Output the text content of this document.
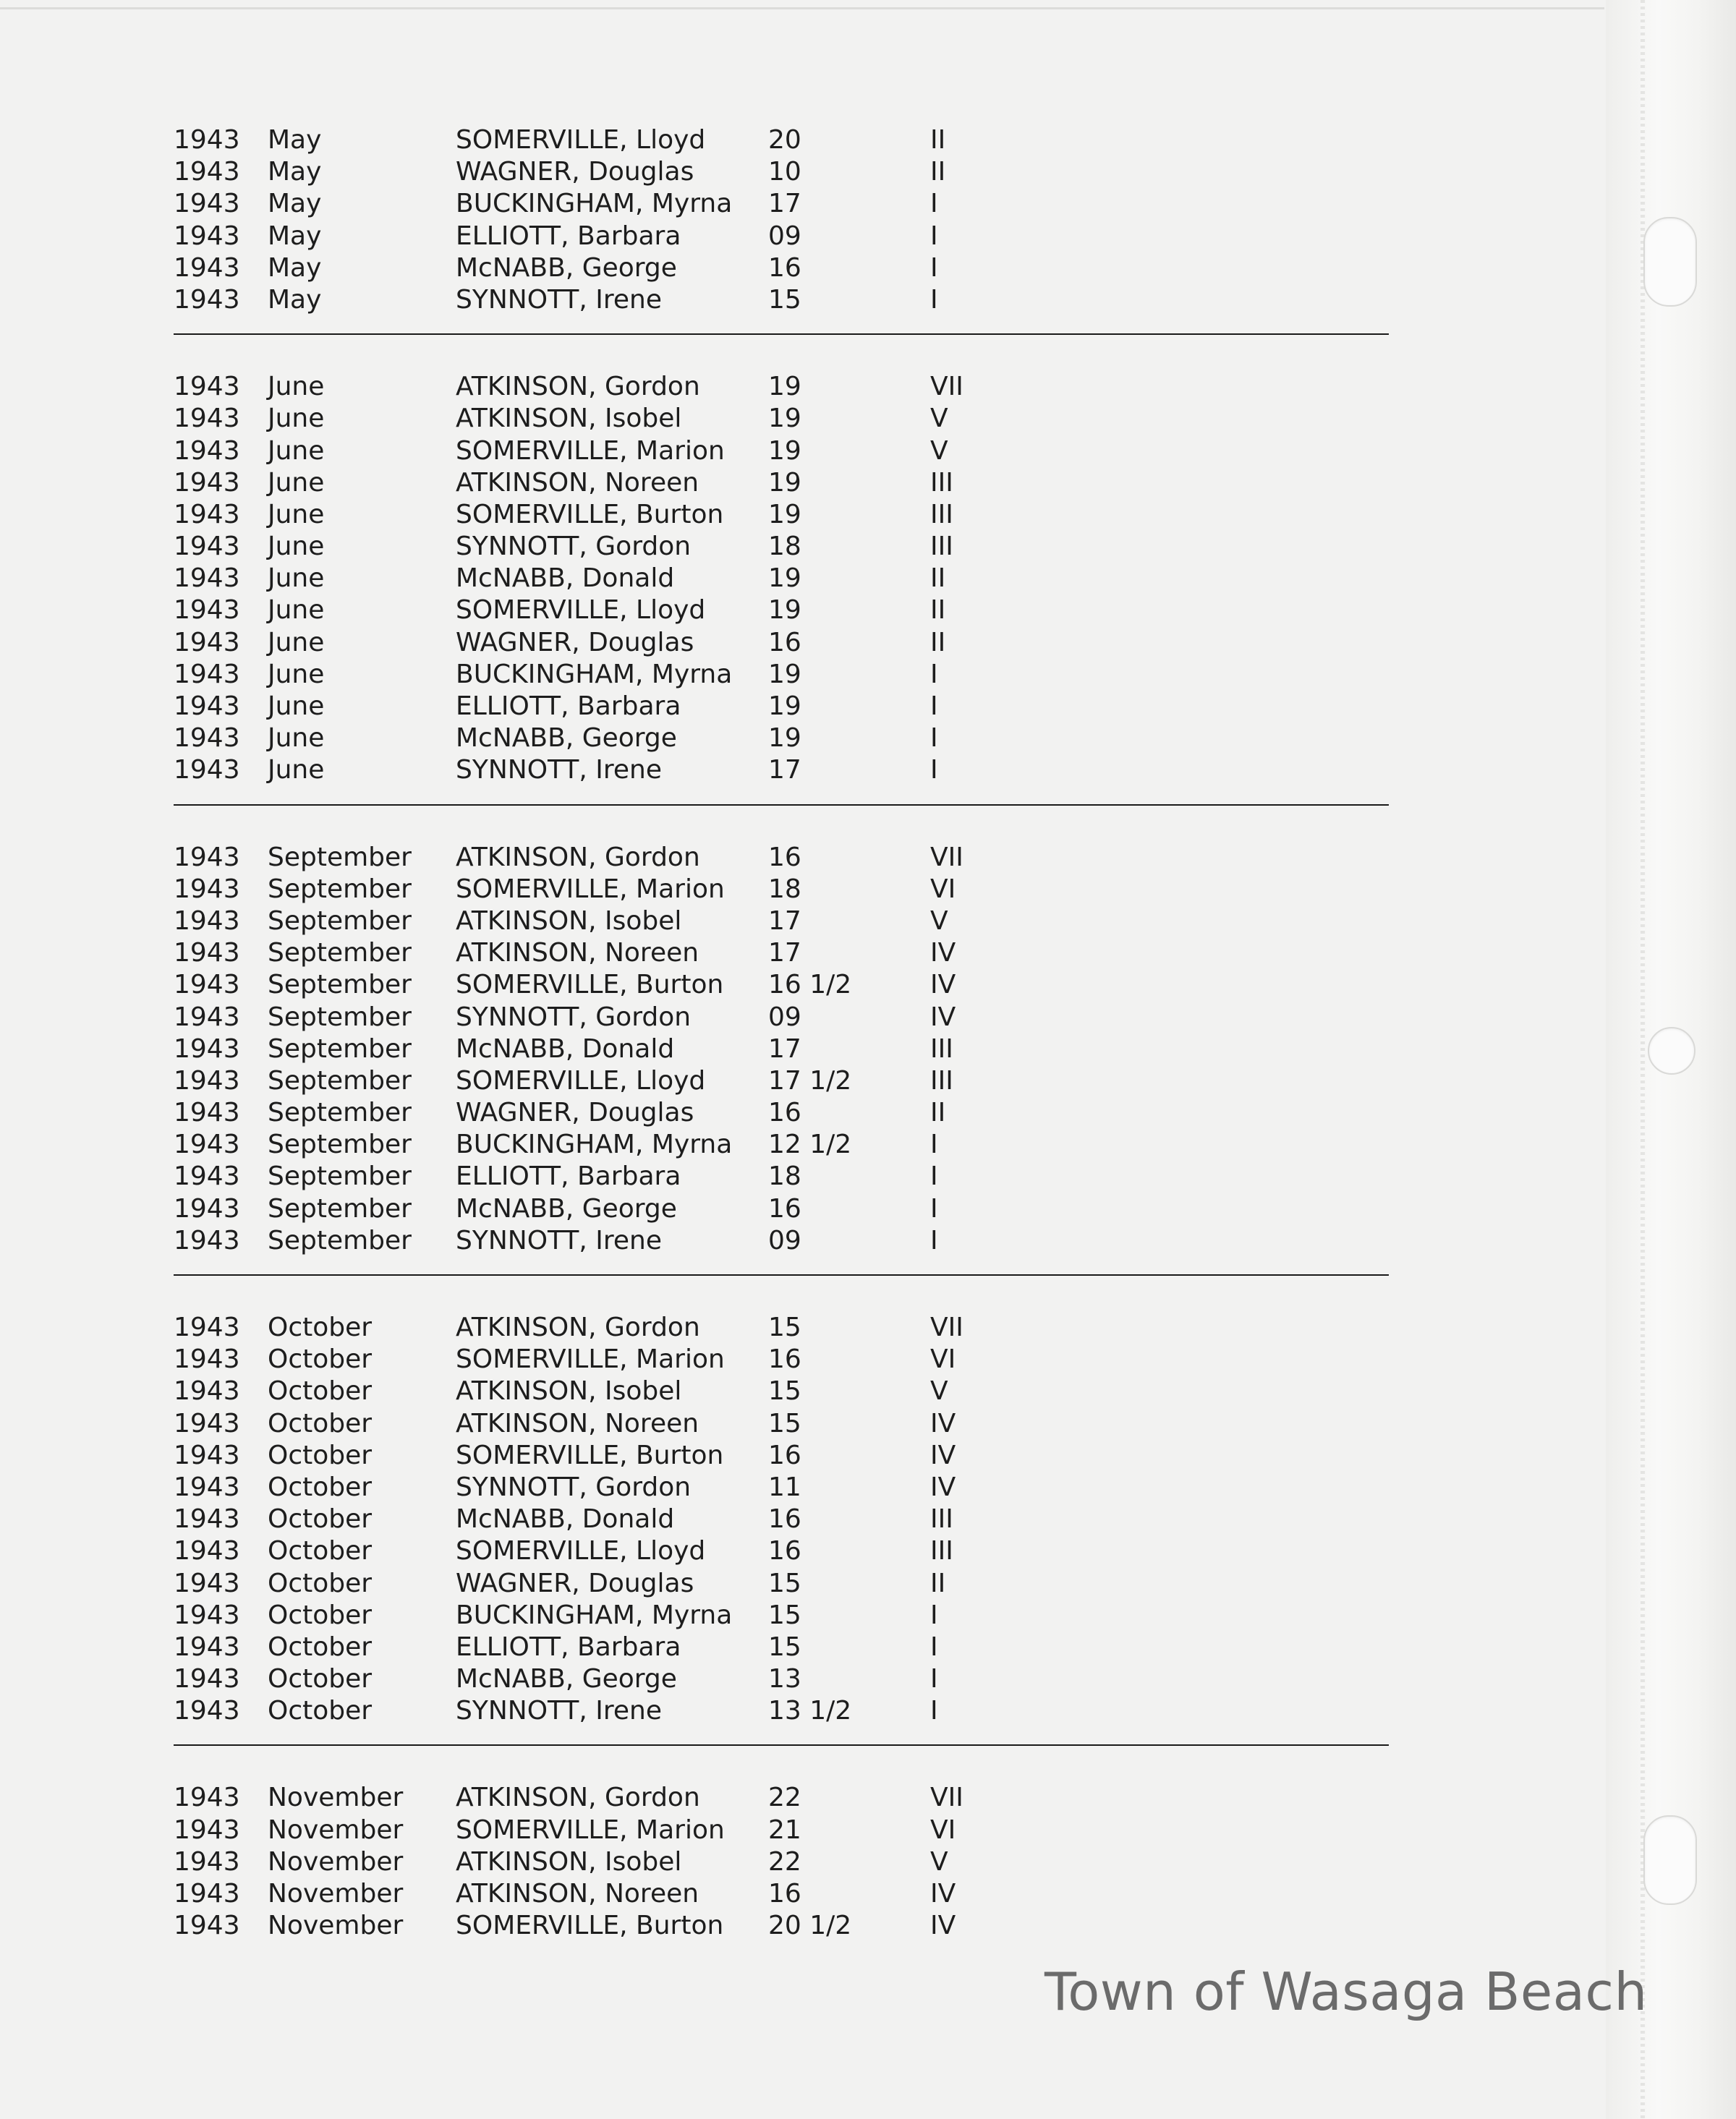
1943 May	SOMERVILLE, Lloyd 20	II
1943 May	WAGNER, Douglas	10	II
1943 May	BUCKINGHAM, Myrna 17	I
1943 May	ELLIOTT, Barbara	09	I
1943 May	McNABB, George	16	I
1943 May	SYNNOTT, Irene	15	I
1943 June	ATKINSON, Gordon	19	VII
1943 June	ATKINSON, Isobel	19	V
1943 June	SOMERVILLE, Marion 19	V
1943 June	ATKINSON, Noreen	19	III
1943 June	SOMERVILLE, Burton 19	III
1943 June	SYNNOTT, Gordon	18	III
1943 June	McNABB, Donald	19	II
1943 June	SOMERVILLE, Lloyd 19	II
1943 June	WAGNER, Douglas	16	II
1943 June	BUCKINGHAM, Myrna 19	I
1943 June	ELLIOTT, Barbara	19	I
1943 June	McNABB, George	19	I
1943 June	SYNNOTT, Irene	17	I
1943 September ATKINSON, Gordon	16	VII
1943 September SOMERVILLE, Marion 18	VI
1943 September ATKINSON, Isobel	17	V
1943 September ATKINSON, Noreen	17	IV
1943 September SOMERVILLE, Burton 16 1/2	IV
1943 September SYNNOTT, Gordon	09	IV
1943 September McNABB, Donald	17	III
1943 September SOMERVILLE, Lloyd 17 1/2	III
1943 September WAGNER, Douglas	16	II
1943 September BUCKINGHAM, Myrna 12 1/2	I
1943 September ELLIOTT, Barbara	18	I
1943 September McNABB, George	16	I
1943 September SYNNOTT, Irene	09	I
1943 October	ATKINSON, Gordon	15	VII
1943 October	SOMERVILLE, Marion 16	VI
1943 October	ATKINSON, Isobel	15	V
1943 October	ATKINSON, Noreen	15	IV
1943 October	SOMERVILLE, Burton 16	IV
1943 October	SYNNOTT, Gordon	11	IV
1943 October	McNABB, Donald	16	III
1943 October	SOMERVILLE, Lloyd 16	III
1943 October	WAGNER, Douglas	15	II
1943 October	BUCKINGHAM, Myrna 15	I
1943 October	ELLIOTT, Barbara	15	I
1943 October	McNABB, George	13	I
1943 October	SYNNOTT, Irene	13 1/2	I
1943 November ATKINSON, Gordon	22	VII
1943 November SOMERVILLE, Marion 21	VI
1943 November ATKINSON, Isobel	22	V
1943 November ATKINSON, Noreen	16	IV
1943 November SOMERVILLE, Burton 20 1/2	IV
Town of Wasaga Beach
